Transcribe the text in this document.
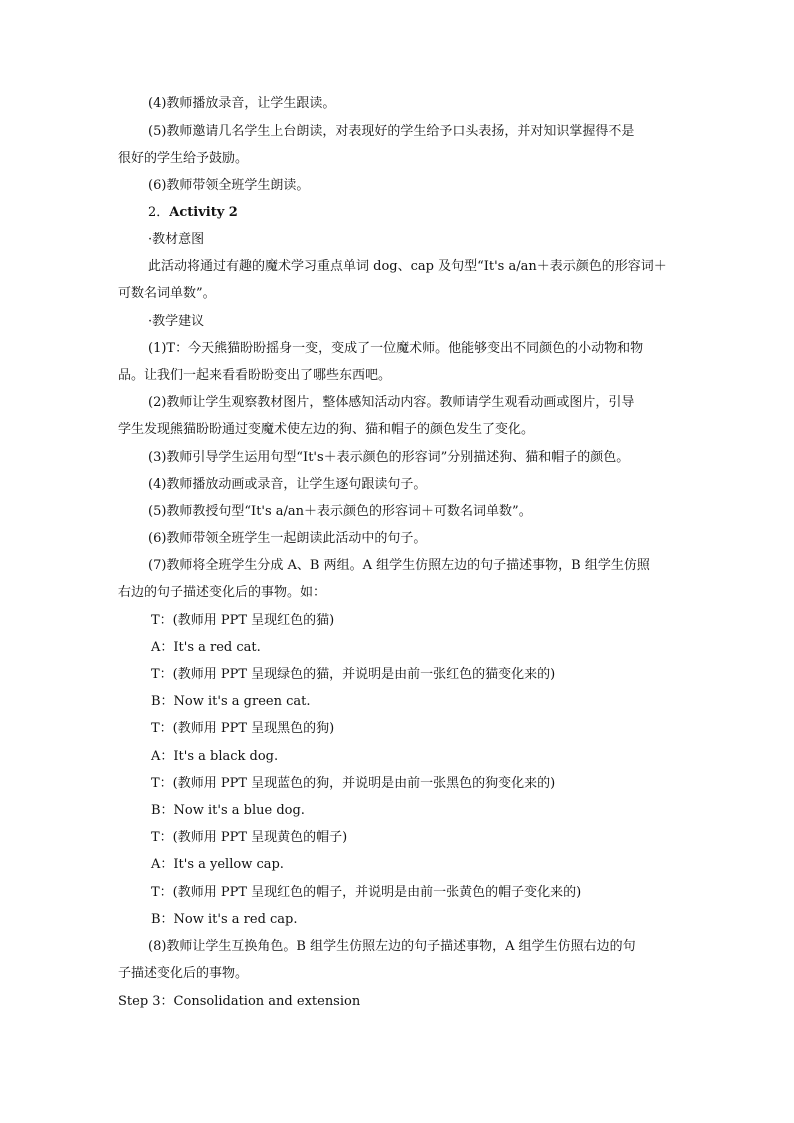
(4)教师播放录音，让学生跟读。
(5)教师邀请几名学生上台朗读，对表现好的学生给予口头表扬，并对知识掌握得不是
很好的学生给予鼓励。
(6)教师带领全班学生朗读。
2．Activity 2
·教材意图
此活动将通过有趣的魔术学习重点单词 dog、cap 及句型“It's a/an＋表示颜色的形容词＋
可数名词单数”。
·教学建议
(1)T：今天熊猫盼盼摇身一变，变成了一位魔术师。他能够变出不同颜色的小动物和物
品。让我们一起来看看盼盼变出了哪些东西吧。
(2)教师让学生观察教材图片，整体感知活动内容。教师请学生观看动画或图片，引导
学生发现熊猫盼盼通过变魔术使左边的狗、猫和帽子的颜色发生了变化。
(3)教师引导学生运用句型“It's＋表示颜色的形容词”分别描述狗、猫和帽子的颜色。
(4)教师播放动画或录音，让学生逐句跟读句子。
(5)教师教授句型“It's a/an＋表示颜色的形容词＋可数名词单数”。
(6)教师带领全班学生一起朗读此活动中的句子。
(7)教师将全班学生分成 A、B 两组。A 组学生仿照左边的句子描述事物，B 组学生仿照
右边的句子描述变化后的事物。如：
T：(教师用 PPT 呈现红色的猫)
A：It's a red cat.
T：(教师用 PPT 呈现绿色的猫，并说明是由前一张红色的猫变化来的)
B：Now it's a green cat.
T：(教师用 PPT 呈现黑色的狗)
A：It's a black dog.
T：(教师用 PPT 呈现蓝色的狗，并说明是由前一张黑色的狗变化来的)
B：Now it's a blue dog.
T：(教师用 PPT 呈现黄色的帽子)
A：It's a yellow cap.
T：(教师用 PPT 呈现红色的帽子，并说明是由前一张黄色的帽子变化来的)
B：Now it's a red cap.
(8)教师让学生互换角色。B 组学生仿照左边的句子描述事物，A 组学生仿照右边的句
子描述变化后的事物。
Step 3：Consolidation and extension
